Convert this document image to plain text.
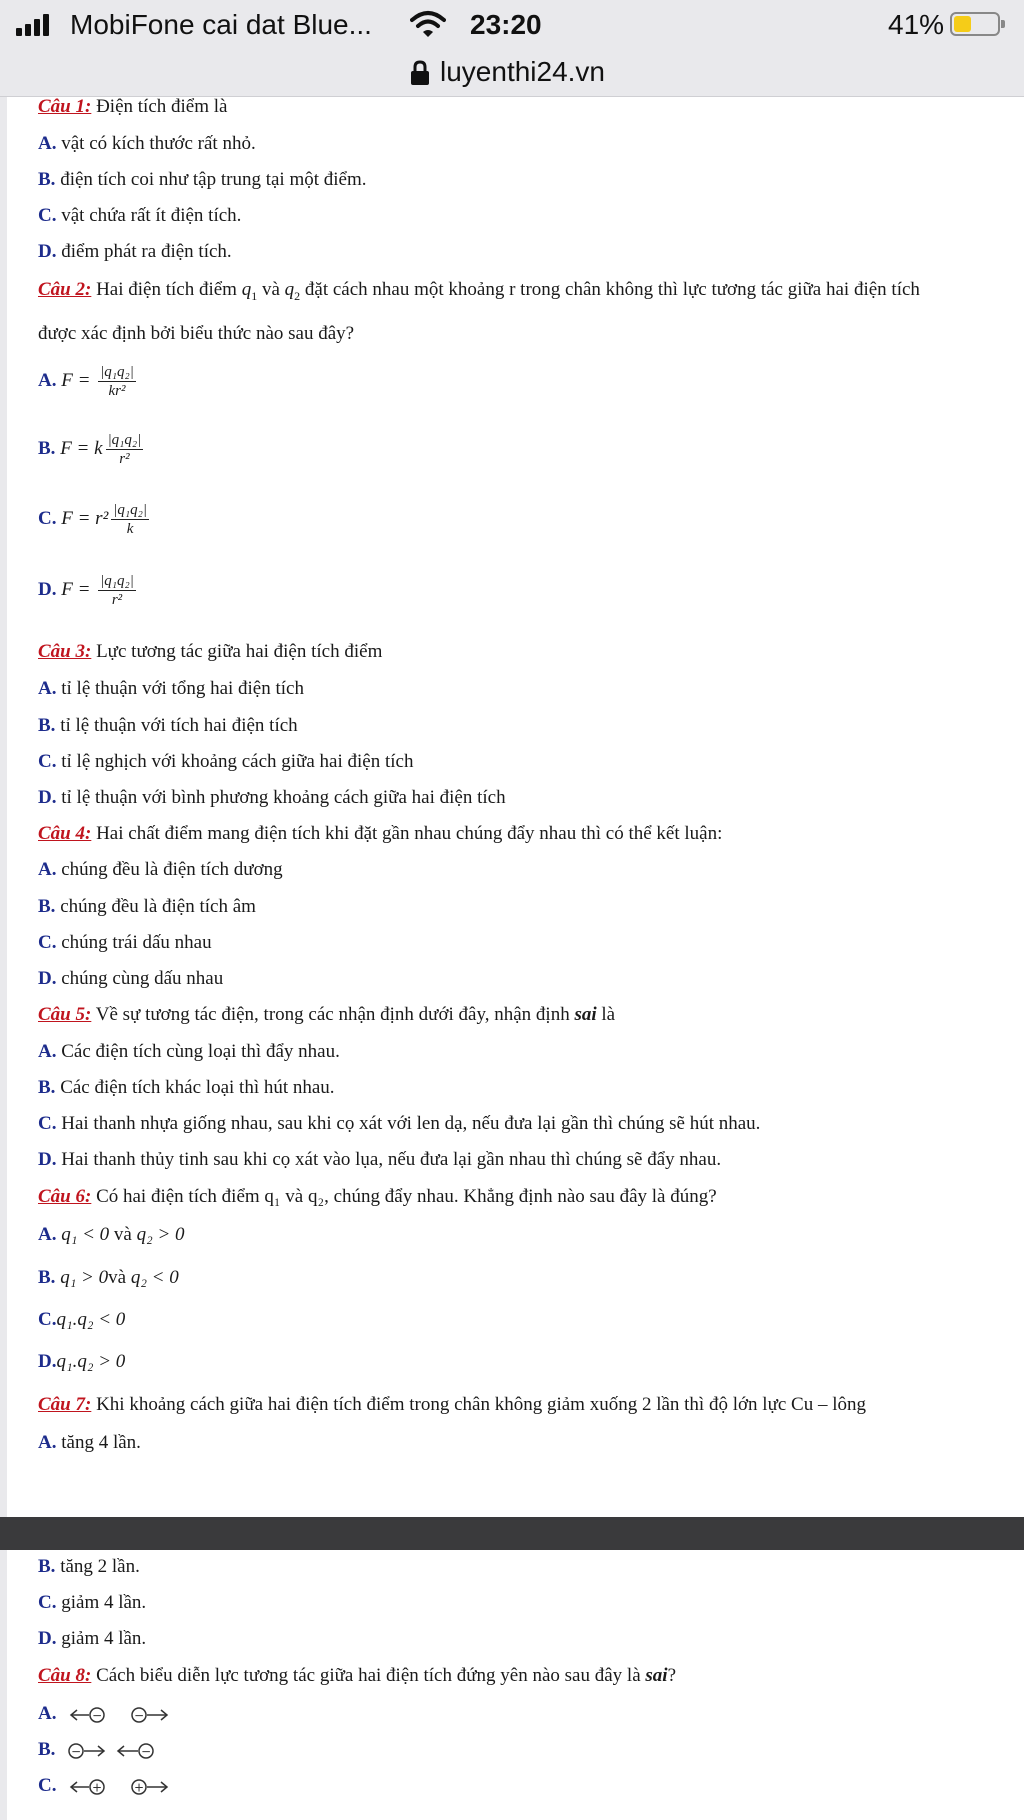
MobiFone cai dat Blue...	23:20	41%
luyenthi24.vn
Câu 1: Điện tích điểm là
A. vật có kích thước rất nhỏ.
B. điện tích coi như tập trung tại một điểm.
C. vật chứa rất ít điện tích.
D. điểm phát ra điện tích.
Câu 2: Hai điện tích điểm $q_1$ và $q_2$ đặt cách nhau một khoảng r trong chân không thì lực tương tác giữa hai điện tích
được xác định bởi biểu thức nào sau đây?
A. $F = \frac{\text{|q₁q₂|}}{\text{kr²}}$
B. F = k $\frac{\text{|q₁q₂|}}{\text{r²}}$
C. $F = r^2 \frac{\text{|q₁q₂|}}{k}$
D. $F = \frac{\text{|q₁q₂|}}{\text{r²}}$
Câu 3: Lực tương tác giữa hai điện tích điểm
A. tỉ lệ thuận với tổng hai điện tích
B. tỉ lệ thuận với tích hai điện tích
C. tỉ lệ nghịch với khoảng cách giữa hai điện tích
D. tỉ lệ thuận với bình phương khoảng cách giữa hai điện tích
Câu 4: Hai chất điểm mang điện tích khi đặt gần nhau chúng đẩy nhau thì có thể kết luận:
A. chúng đều là điện tích dương
B. chúng đều là điện tích âm
C. chúng trái dấu nhau
D. chúng cùng dấu nhau
Câu 5: Về sự tương tác điện, trong các nhận định dưới đây, nhận định sai là
A. Các điện tích cùng loại thì đẩy nhau.
B. Các điện tích khác loại thì hút nhau.
C. Hai thanh nhựa giống nhau, sau khi cọ xát với len dạ, nếu đưa lại gần thì chúng sẽ hút nhau.
D. Hai thanh thủy tinh sau khi cọ xát vào lụa, nếu đưa lại gần nhau thì chúng sẽ đẩy nhau.
Câu 6: Có hai điện tích điểm q₁ và q₂, chúng đẩy nhau. Khẳng định nào sau đây là đúng?
A. q₁ < 0 và q₂ > 0
B. q₁ > 0và q₂ < 0
C.q₁.q₂ < 0
D.q₁.q₂ > 0
Câu 7: Khi khoảng cách giữa hai điện tích điểm trong chân không giảm xuống 2 lần thì độ lớn lực Cu – lông
A. tăng 4 lần.
B. tăng 2 lần.
C. giảm 4 lần.
D. giảm 4 lần.
Câu 8: Cách biểu diễn lực tương tác giữa hai điện tích đứng yên nào sau đây là sai?
A.	−	−
B. −	−
C.	+	+
